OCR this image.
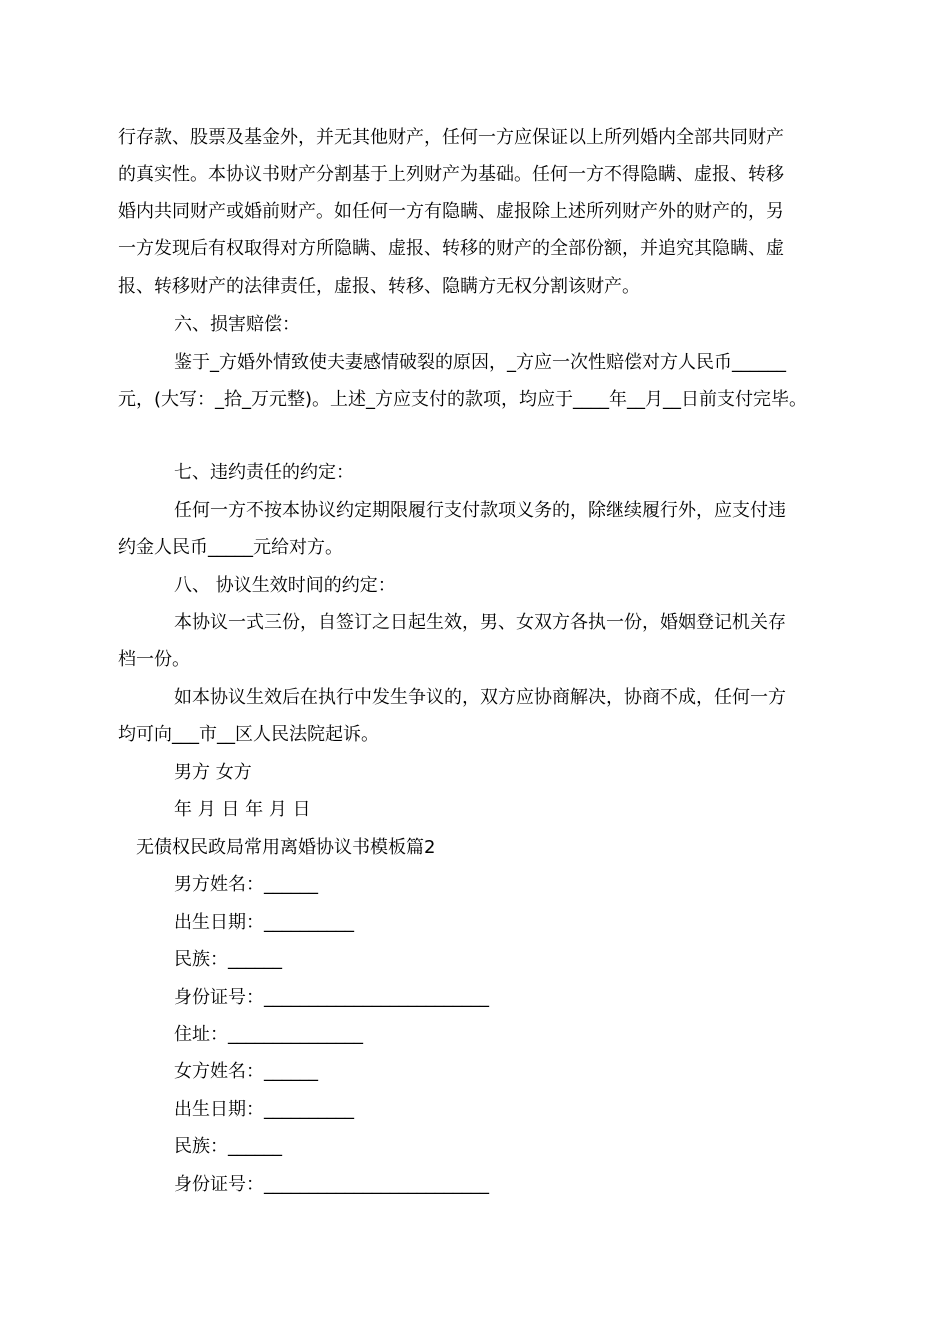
行存款、股票及基金外，并无其他财产，任何一方应保证以上所列婚内全部共同财产

的真实性。本协议书财产分割基于上列财产为基础。任何一方不得隐瞒、虚报、转移

婚内共同财产或婚前财产。如任何一方有隐瞒、虚报除上述所列财产外的财产的，另

一方发现后有权取得对方所隐瞒、虚报、转移的财产的全部份额，并追究其隐瞒、虚

报、转移财产的法律责任，虚报、转移、隐瞒方无权分割该财产。

六、损害赔偿：

鉴于_方婚外情致使夫妻感情破裂的原因，_方应一次性赔偿对方人民币______

元，(大写：_拾_万元整)。上述_方应支付的款项，均应于____年__月__日前支付完毕。

七、违约责任的约定：

任何一方不按本协议约定期限履行支付款项义务的，除继续履行外，应支付违

约金人民币_____元给对方。

八、 协议生效时间的约定：

本协议一式三份，自签订之日起生效，男、女双方各执一份，婚姻登记机关存

档一份。

如本协议生效后在执行中发生争议的，双方应协商解决，协商不成，任何一方

均可向___市__区人民法院起诉。

男方 女方

年 月 日 年 月 日

无债权民政局常用离婚协议书模板篇2

男方姓名：______

出生日期：__________

民族：______

身份证号：_________________________

住址：_______________

女方姓名：______

出生日期：__________

民族：______

身份证号：_________________________
